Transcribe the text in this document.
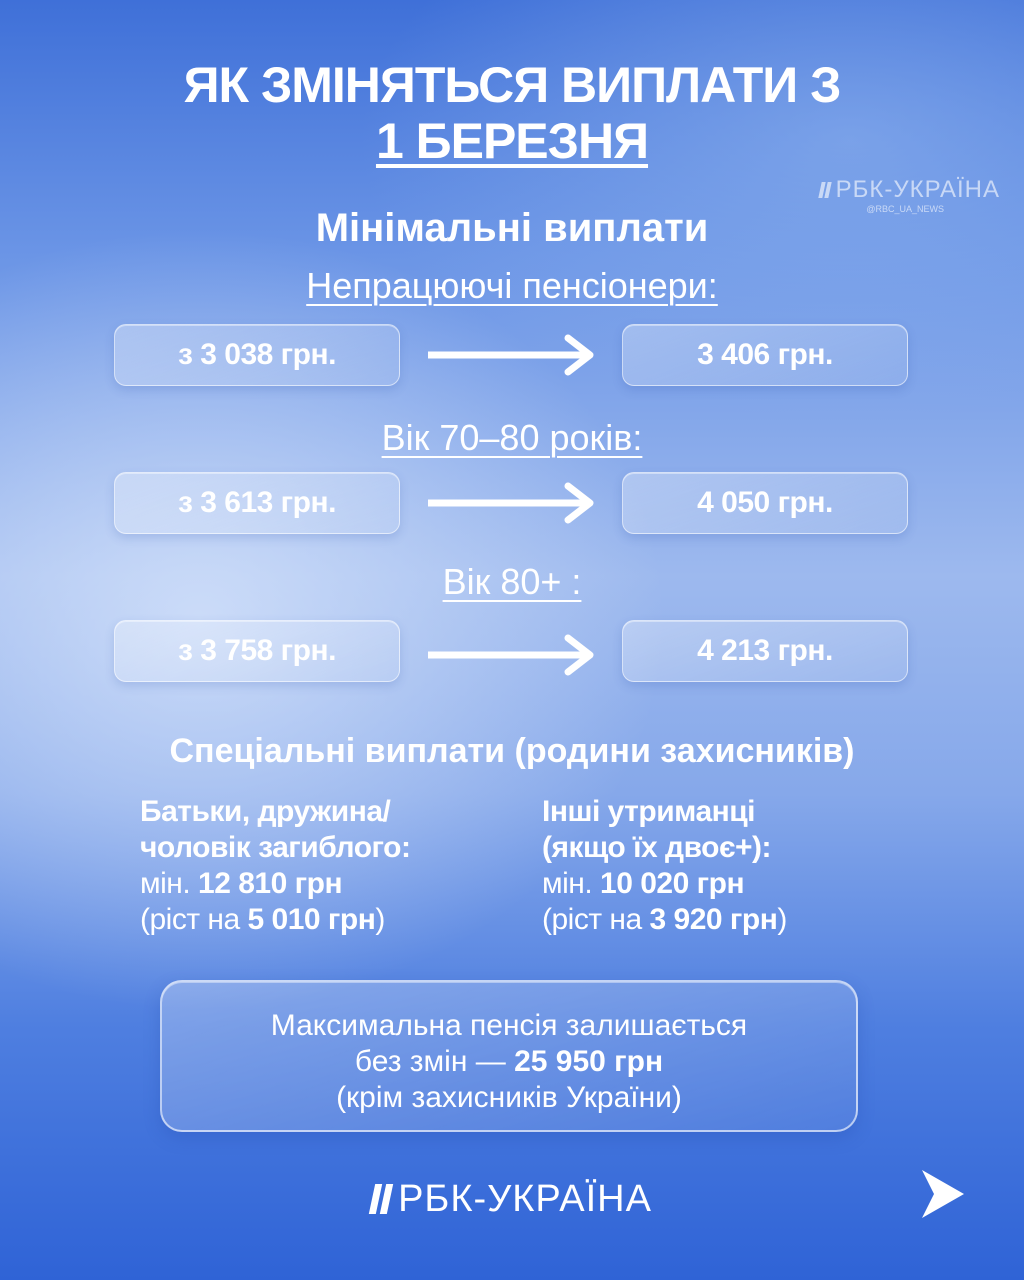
ЯК ЗМІНЯТЬСЯ ВИПЛАТИ З
1 БЕРЕЗНЯ
РБК-УКРАЇНА
@RBC_UA_NEWS
Мінімальні виплати
Непрацюючі пенсіонери:
з 3 038 грн.	3 406 грн.
Вік 70–80 років:
з 3 613 грн.	4 050 грн.
Вік 80+ :
з 3 758 грн.	4 213 грн.
Спеціальні виплати (родини захисників)
Батьки, дружина/
чоловік загиблого:
мін. 12 810 грн
(ріст на 5 010 грн)
Інші утриманці
(якщо їх двоє+):
мін. 10 020 грн
(ріст на 3 920 грн)
Максимальна пенсія залишається
без змін — 25 950 грн
(крім захисників України)
РБК-УКРАЇНА
